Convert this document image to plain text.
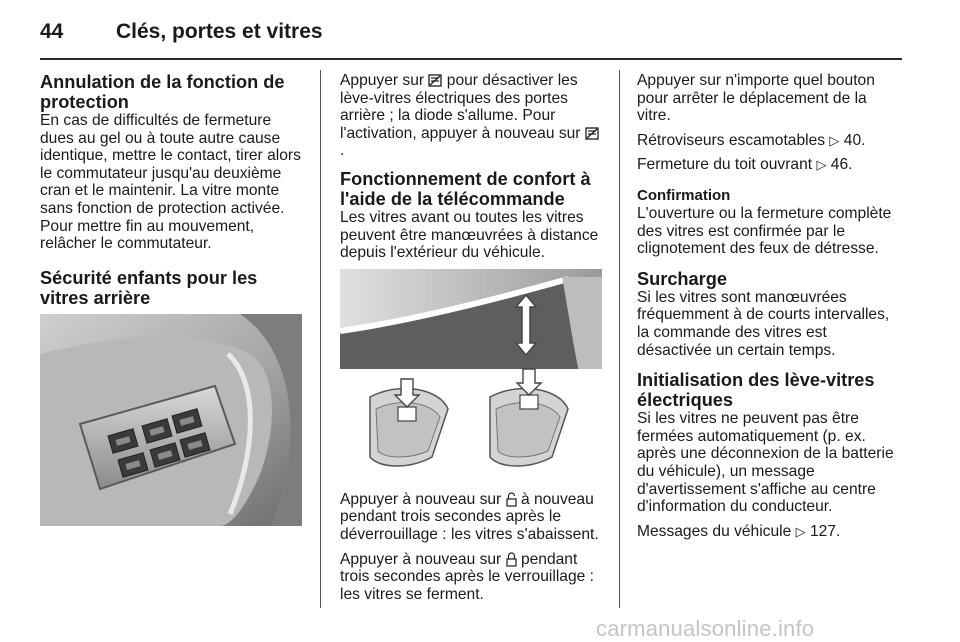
44	Clés, portes et vitres
Annulation de la fonction de protection

En cas de difficultés de fermeture dues au gel ou à toute autre cause identique, mettre le contact, tirer alors le commutateur jusqu'au deuxième cran et le maintenir. La vitre monte sans fonction de protection activée. Pour mettre fin au mouvement, relâcher le commutateur.

Sécurité enfants pour les vitres arrière

Appuyer sur pour désactiver les lève-vitres électriques des portes arrière ; la diode s'allume. Pour l'activation, appuyer à nouveau sur .

Fonctionnement de confort à l'aide de la télécommande

Les vitres avant ou toutes les vitres peuvent être manœuvrées à distance depuis l'extérieur du véhicule.

Appuyer à nouveau sur à nouveau pendant trois secondes après le déverrouillage : les vitres s'abaissent.

Appuyer à nouveau sur pendant trois secondes après le verrouillage : les vitres se ferment.

Appuyer sur n'importe quel bouton pour arrêter le déplacement de la vitre.

Rétroviseurs escamotables ▷ 40.

Fermeture du toit ouvrant ▷ 46.

Confirmation

L'ouverture ou la fermeture complète des vitres est confirmée par le clignotement des feux de détresse.

Surcharge

Si les vitres sont manœuvrées fréquemment à de courts intervalles, la commande des vitres est désactivée un certain temps.

Initialisation des lève-vitres électriques

Si les vitres ne peuvent pas être fermées automatiquement (p. ex. après une déconnexion de la batterie du véhicule), un message d'avertissement s'affiche au centre d'information du conducteur.

Messages du véhicule ▷ 127.

carmanualsonline.info
